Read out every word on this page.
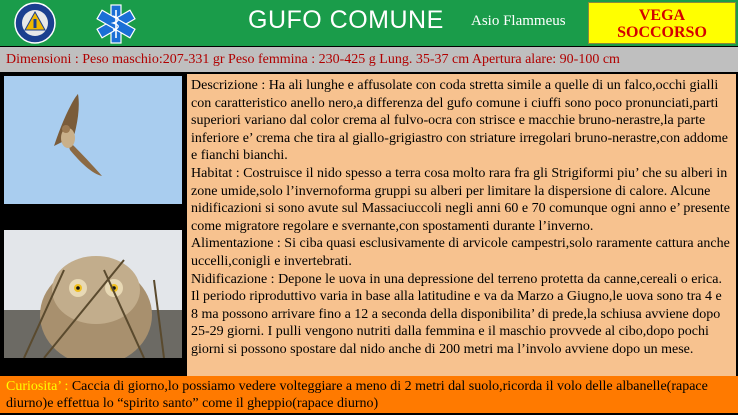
GUFO COMUNE Asio Flammeus	VEGA
SOCCORSO
Dimensioni : Peso maschio:207-331 gr Peso femmina : 230-425 g Lung. 35-37 cm Apertura alare: 90-100 cm

Descrizione : Ha ali lunghe e affusolate con coda stretta simile a quelle di un falco,occhi gialli con caratteristico anello nero,a differenza del gufo comune i ciuffi sono poco pronunciati,parti superiori variano dal color crema al fulvo-ocra con strisce e macchie bruno-nerastre,la parte inferiore e’ crema che tira al giallo-grigiastro con striature irregolari bruno-nerastre,con addome e fianchi bianchi.

Habitat : Costruisce il nido spesso a terra cosa molto rara fra gli Strigiformi piu’ che su alberi in zone umide,solo l’invernoforma gruppi su alberi per limitare la dispersione di calore. Alcune nidificazioni si sono avute sul Massaciuccoli negli anni 60 e 70 comunque ogni anno e’ presente come migratore regolare e svernante,con spostamenti durante l’inverno.

Alimentazione : Si ciba quasi esclusivamente di arvicole campestri,solo raramente cattura anche uccelli,conigli e invertebrati.

Nidificazione : Depone le uova in una depressione del terreno protetta da canne,cereali o erica. Il periodo riproduttivo varia in base alla latitudine e va da Marzo a Giugno,le uova sono tra 4 e 8 ma possono arrivare fino a 12 a seconda della disponibilita’ di prede,la schiusa avviene dopo 25-29 giorni. I pulli vengono nutriti dalla femmina e il maschio provvede al cibo,dopo pochi giorni si possono spostare dal nido anche di 200 metri ma l’involo avviene dopo un mese.

Curiosita’ : Caccia di giorno,lo possiamo vedere volteggiare a meno di 2 metri dal suolo,ricorda il volo delle albanelle(rapace diurno)e effettua lo “spirito santo” come il gheppio(rapace diurno)
